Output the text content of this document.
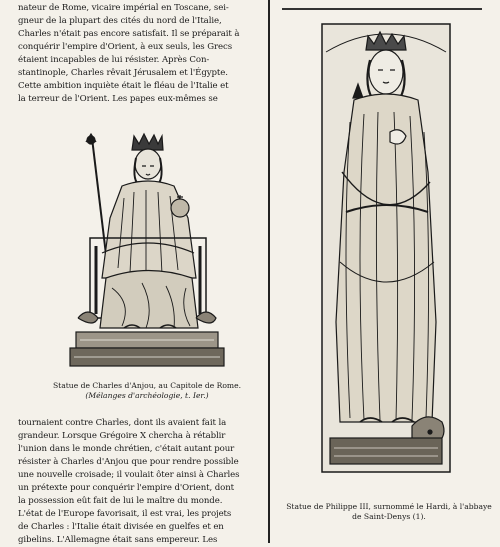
nateur de Rome, vicaire impérial en Toscane, sei-
gneur de la plupart des cités du nord de l'Italie,
Charles n'était pas encore satisfait. Il se préparait à
conquérir l'empire d'Orient, à eux seuls, les Grecs
étaient incapables de lui résister. Après Con-
stantinople, Charles rêvait Jérusalem et l'Égypte.
Cette ambition inquiète était le fléau de l'Italie et
la terreur de l'Orient. Les papes eux-mêmes se

Statue de Charles d'Anjou, au Capitole de Rome.
(Mélanges d'archéologie, t. Ier.)

tournaient contre Charles, dont ils avaient fait la
grandeur. Lorsque Grégoire X chercha à rétablir
l'union dans le monde chrétien, c'était autant pour
résister à Charles d'Anjou que pour rendre possible
une nouvelle croisade; il voulait ôter ainsi à Charles
un prétexte pour conquérir l'empire d'Orient, dont
la possession eût fait de lui le maître du monde.
L'état de l'Europe favorisait, il est vrai, les projets
de Charles : l'Italie était divisée en guelfes et en
gibelins. L'Allemagne était sans empereur. Les

Statue de Philippe III, surnommé le Hardi, à l'abbaye
de Saint-Denys (1).
